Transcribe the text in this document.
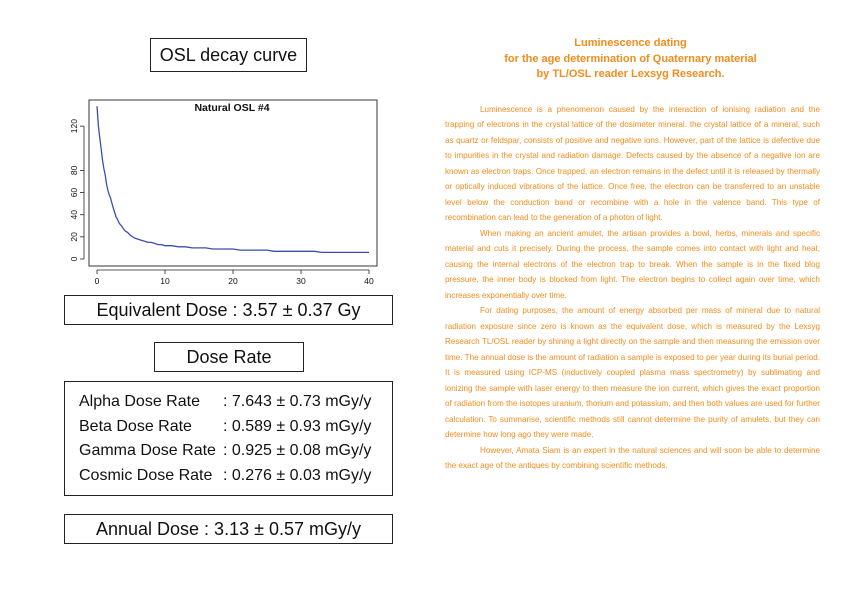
OSL decay curve
Natural OSL #4
0	10	20	30	40
0
20
40
60
80
120
Equivalent Dose : 3.57 ± 0.37 Gy
Dose Rate
Alpha Dose Rate	: 7.643 ± 0.73 mGy/y
Beta Dose Rate	: 0.589 ± 0.93 mGy/y
Gamma Dose Rate : 0.925 ± 0.08 mGy/y
Cosmic Dose Rate : 0.276 ± 0.03 mGy/y
Annual Dose : 3.13 ± 0.57 mGy/y
Luminescence dating
for the age determination of Quaternary material
by TL/OSL reader Lexsyg Research.

Luminescence is a phenomenon caused by the interaction of ionising radiation and the trapping of electrons in the crystal lattice of the dosimeter mineral. the crystal lattice of a mineral, such as quartz or feldspar, consists of positive and negative ions. However, part of the lattice is defective due to impurities in the crystal and radiation damage. Defects caused by the absence of a negative ion are known as electron traps. Once trapped, an electron remains in the defect until it is released by thermally or optically induced vibrations of the lattice. Once free, the electron can be transferred to an unstable level below the conduction band or recombine with a hole in the valence band. This type of recombination can lead to the generation of a photon of light.

When making an ancient amulet, the artisan provides a bowl, herbs, minerals and specific material and cuts it precisely. During the process, the sample comes into contact with light and heat, causing the internal electrons of the electron trap to break. When the sample is in the fixed blog pressure, the inner body is blocked from light. The electron begins to collect again over time, which increases exponentially over time.

For dating purposes, the amount of energy absorbed per mass of mineral due to natural radiation exposure since zero is known as the equivalent dose, which is measured by the Lexsyg Research TL/OSL reader by shining a light directly on the sample and then measuring the emission over time. The annual dose is the amount of radiation a sample is exposed to per year during its burial period. It is measured using ICP-MS (inductively coupled plasma mass spectrometry) by sublimating and ionizing the sample with laser energy to then measure the ion current, which gives the exact proportion of radiation from the isotopes uranium, thorium and potassium, and then both values are used for further calculation. To summarise, scientific methods still cannot determine the purity of amulets, but they can determine how long ago they were made.

However, Amata Siam is an expert in the natural sciences and will soon be able to determine the exact age of the antiques by combining scientific methods.
